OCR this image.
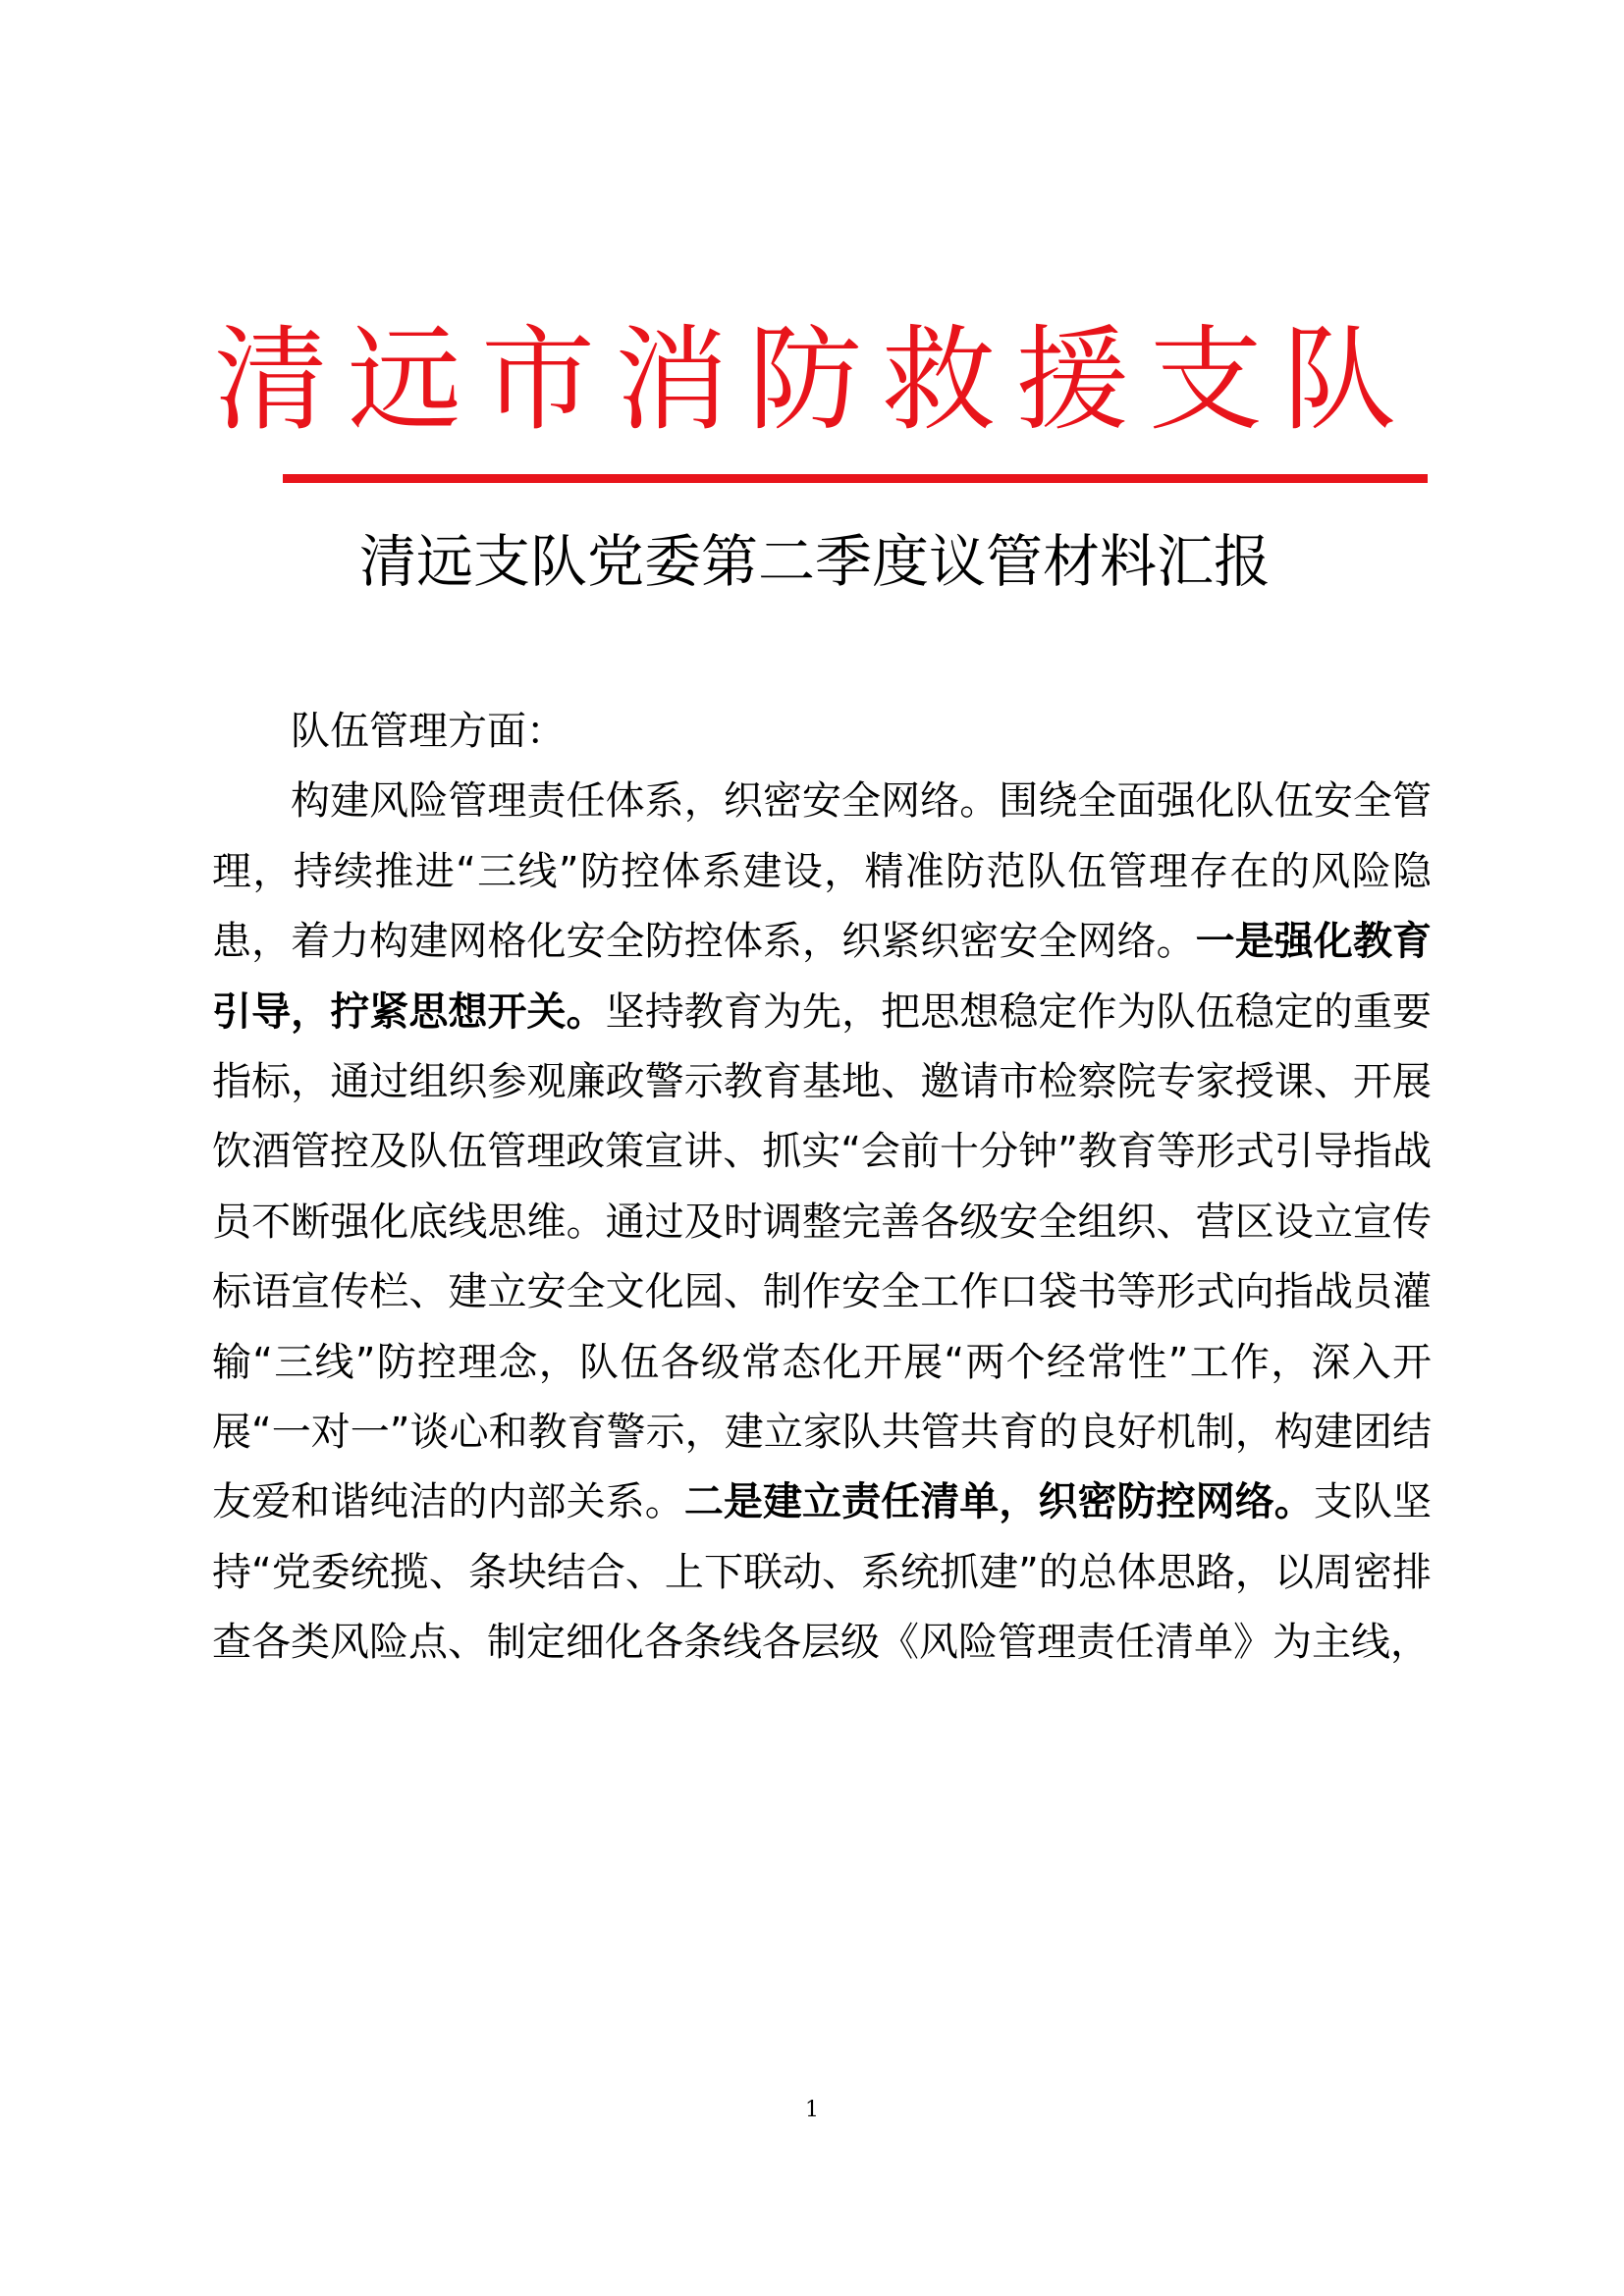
清远市消防救援支队
清远支队党委第二季度议管材料汇报

队伍管理方面：

构建风险管理责任体系，织密安全网络。围绕全面强化队伍安全管理，持续推进“三线”防控体系建设，精准防范队伍管理存在的风险隐患，着力构建网格化安全防控体系，织紧织密安全网络。一是强化教育引导，拧紧思想开关。坚持教育为先，把思想稳定作为队伍稳定的重要指标，通过组织参观廉政警示教育基地、邀请市检察院专家授课、开展饮酒管控及队伍管理政策宣讲、抓实“会前十分钟”教育等形式引导指战员不断强化底线思维。通过及时调整完善各级安全组织、营区设立宣传标语宣传栏、建立安全文化园、制作安全工作口袋书等形式向指战员灌输“三线”防控理念，队伍各级常态化开展“两个经常性”工作，深入开展“一对一”谈心和教育警示，建立家队共管共育的良好机制，构建团结友爱和谐纯洁的内部关系。二是建立责任清单，织密防控网络。支队坚持“党委统揽、条块结合、上下联动、系统抓建”的总体思路，以周密排查各类风险点、制定细化各条线各层级《风险管理责任清单》为主线，

1
